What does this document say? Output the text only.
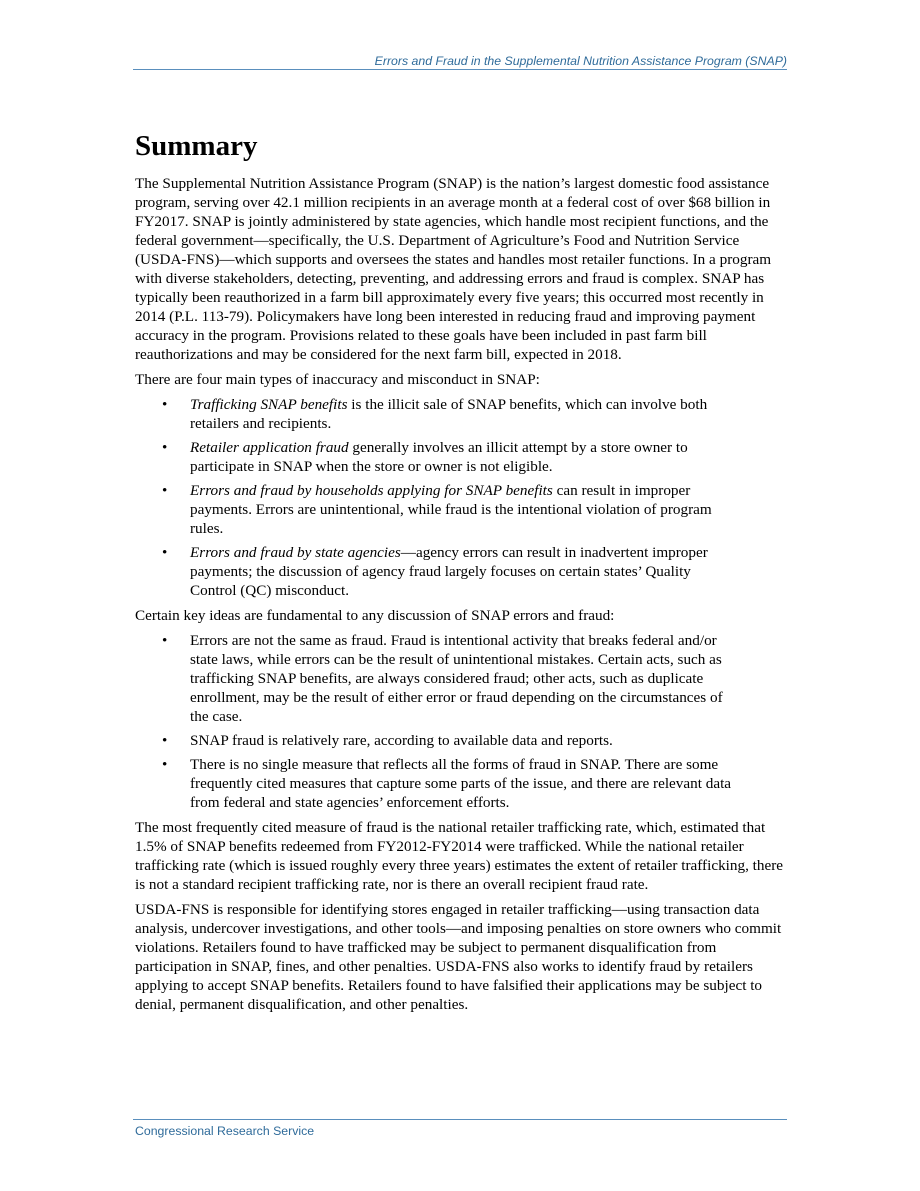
Errors and Fraud in the Supplemental Nutrition Assistance Program (SNAP)
Summary

The Supplemental Nutrition Assistance Program (SNAP) is the nation’s largest domestic food assistance program, serving over 42.1 million recipients in an average month at a federal cost of over $68 billion in FY2017. SNAP is jointly administered by state agencies, which handle most recipient functions, and the federal government—specifically, the U.S. Department of Agriculture’s Food and Nutrition Service (USDA-FNS)—which supports and oversees the states and handles most retailer functions. In a program with diverse stakeholders, detecting, preventing, and addressing errors and fraud is complex. SNAP has typically been reauthorized in a farm bill approximately every five years; this occurred most recently in 2014 (P.L. 113-79). Policymakers have long been interested in reducing fraud and improving payment accuracy in the program. Provisions related to these goals have been included in past farm bill reauthorizations and may be considered for the next farm bill, expected in 2018.

There are four main types of inaccuracy and misconduct in SNAP:

• Trafficking SNAP benefits is the illicit sale of SNAP benefits, which can involve both retailers and recipients.
• Retailer application fraud generally involves an illicit attempt by a store owner to participate in SNAP when the store or owner is not eligible.
• Errors and fraud by households applying for SNAP benefits can result in improper payments. Errors are unintentional, while fraud is the intentional violation of program rules.
• Errors and fraud by state agencies—agency errors can result in inadvertent improper payments; the discussion of agency fraud largely focuses on certain states’ Quality Control (QC) misconduct.

Certain key ideas are fundamental to any discussion of SNAP errors and fraud:

• Errors are not the same as fraud. Fraud is intentional activity that breaks federal and/or state laws, while errors can be the result of unintentional mistakes. Certain acts, such as trafficking SNAP benefits, are always considered fraud; other acts, such as duplicate enrollment, may be the result of either error or fraud depending on the circumstances of the case.
• SNAP fraud is relatively rare, according to available data and reports.
• There is no single measure that reflects all the forms of fraud in SNAP. There are some frequently cited measures that capture some parts of the issue, and there are relevant data from federal and state agencies’ enforcement efforts.

The most frequently cited measure of fraud is the national retailer trafficking rate, which, estimated that 1.5% of SNAP benefits redeemed from FY2012-FY2014 were trafficked. While the national retailer trafficking rate (which is issued roughly every three years) estimates the extent of retailer trafficking, there is not a standard recipient trafficking rate, nor is there an overall recipient fraud rate.

USDA-FNS is responsible for identifying stores engaged in retailer trafficking—using transaction data analysis, undercover investigations, and other tools—and imposing penalties on store owners who commit violations. Retailers found to have trafficked may be subject to permanent disqualification from participation in SNAP, fines, and other penalties. USDA-FNS also works to identify fraud by retailers applying to accept SNAP benefits. Retailers found to have falsified their applications may be subject to denial, permanent disqualification, and other penalties.

Congressional Research Service
